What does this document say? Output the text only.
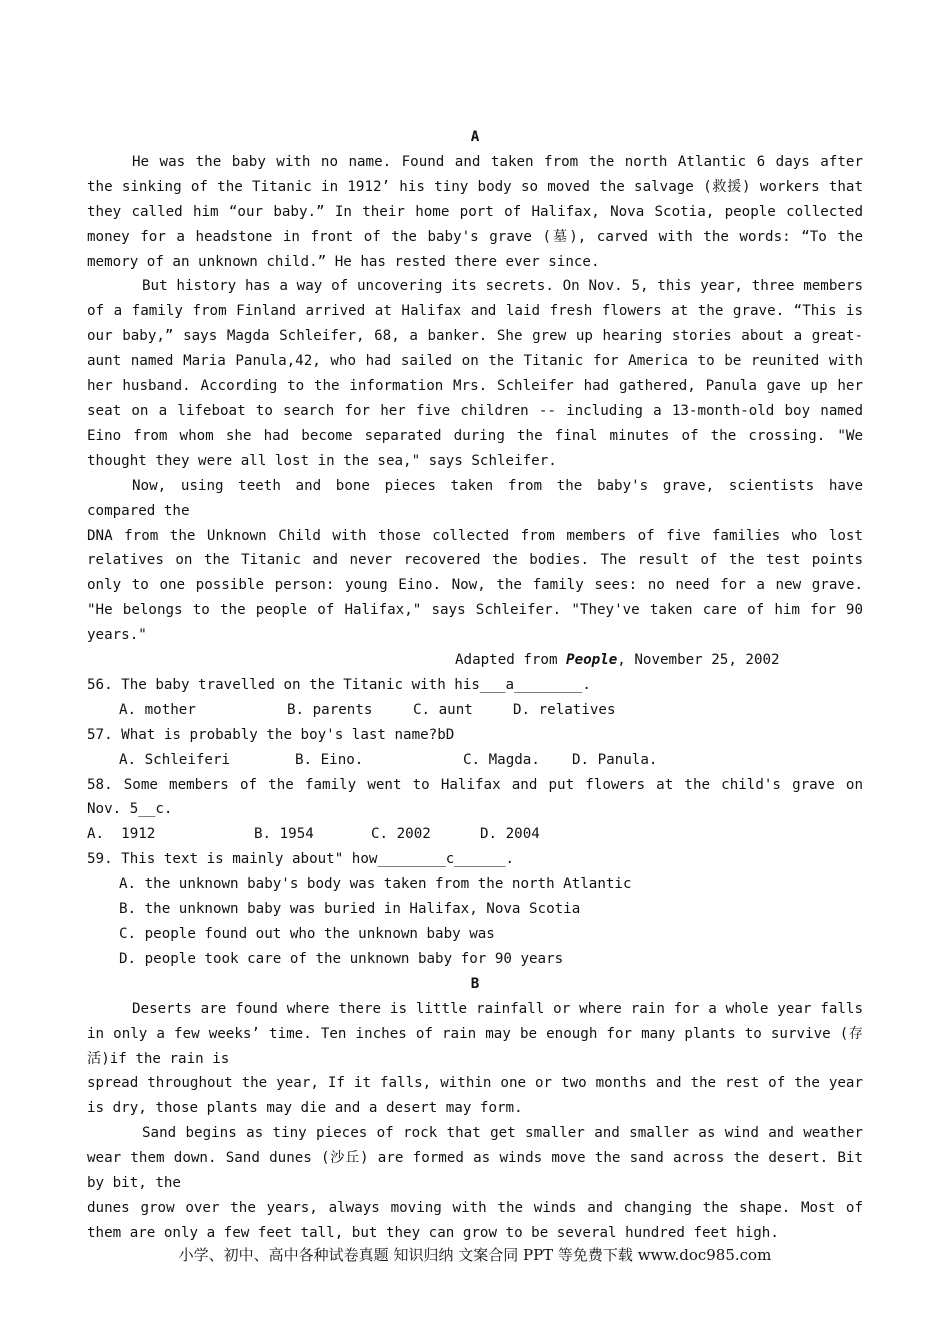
A

He was the baby with no name. Found and taken from the north Atlantic 6 days after the sinking of the Titanic in 1912’ his tiny body so moved the salvage (救援) workers that they called him “our baby.” In their home port of Halifax, Nova Scotia, people collected money for a headstone in front of the baby's grave (墓), carved with the words: “To the memory of an unknown child.” He has rested there ever since.

But history has a way of uncovering its secrets. On Nov. 5, this year, three members of a family from Finland arrived at Halifax and laid fresh flowers at the grave. “This is our baby,” says Magda Schleifer, 68, a banker. She grew up hearing stories about a great-aunt named Maria Panula,42, who had sailed on the Titanic for America to be reunited with her husband. According to the information Mrs. Schleifer had gathered, Panula gave up her seat on a lifeboat to search for her five children -- including a 13-month-old boy named Eino from whom she had become separated during the final minutes of the crossing. "We thought they were all lost in the sea," says Schleifer.

Now, using teeth and bone pieces taken from the baby's grave, scientists have compared the

DNA from the Unknown Child with those collected from members of five families who lost relatives on the Titanic and never recovered the bodies. The result of the test points only to one possible person: young Eino. Now, the family sees: no need for a new grave. "He belongs to the people of Halifax," says Schleifer. "They've taken care of him for 90 years."

Adapted from People, November 25, 2002
56. The baby travelled on the Titanic with his___a________.
A. mother	B. parents	C. aunt	D. relatives
57. What is probably the boy's last name?bD
A. Schleiferi	B. Eino.	C. Magda. D. Panula.

58. Some members of the family went to Halifax and put flowers at the child's grave on Nov. 5__c.

A.  1912	B. 1954	C. 2002	D. 2004
59. This text is mainly about" how________c______.
A. the unknown baby's body was taken from the north Atlantic
B. the unknown baby was buried in Halifax, Nova Scotia
C. people found out who the unknown baby was
D. people took care of the unknown baby for 90 years
B

Deserts are found where there is little rainfall or where rain for a whole year falls in only a few weeks’ time. Ten inches of rain may be enough for many plants to survive (存活)if the rain is

spread throughout the year, If it falls, within one or two months and the rest of the year is dry, those plants may die and a desert may form.

Sand begins as tiny pieces of rock that get smaller and smaller as wind and weather wear them down. Sand dunes (沙丘) are formed as winds move the sand across the desert. Bit by bit, the

dunes grow over the years, always moving with the winds and changing the shape. Most of them are only a few feet tall, but they can grow to be several hundred feet high.

小学、初中、高中各种试卷真题 知识归纳 文案合同 PPT 等免费下载 www.doc985.com
